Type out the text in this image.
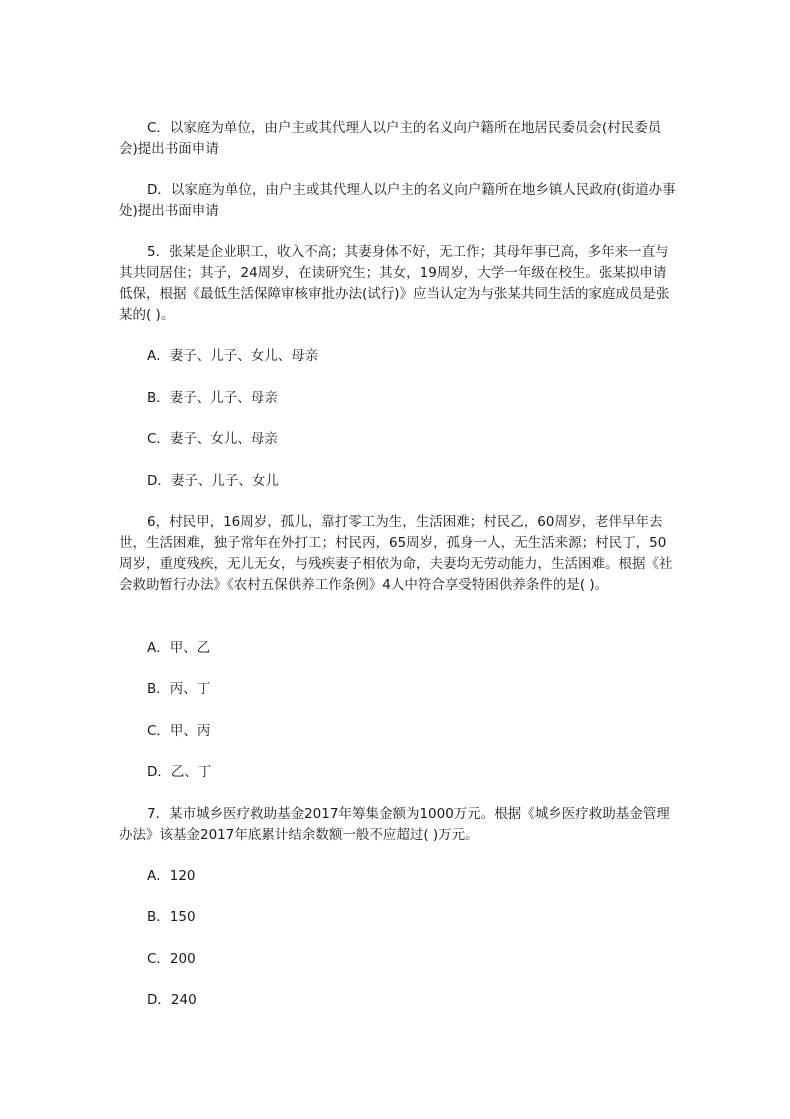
C．以家庭为单位，由户主或其代理人以户主的名义向户籍所在地居民委员会(村民委员会)提出书面申请

D．以家庭为单位，由户主或其代理人以户主的名义向户籍所在地乡镇人民政府(街道办事处)提出书面申请

5．张某是企业职工，收入不高；其妻身体不好，无工作；其母年事已高，多年来一直与其共同居住；其子，24周岁，在读研究生；其女，19周岁，大学一年级在校生。张某拟申请低保，根据《最低生活保障审核审批办法(试行)》应当认定为与张某共同生活的家庭成员是张某的( )。

A．妻子、儿子、女儿、母亲

B．妻子、儿子、母亲

C．妻子、女儿、母亲

D．妻子、儿子、女儿

6，村民甲，16周岁，孤儿，靠打零工为生，生活困难；村民乙，60周岁，老伴早年去世，生活困难，独子常年在外打工；村民丙，65周岁，孤身一人，无生活来源；村民丁，50周岁，重度残疾，无儿无女，与残疾妻子相依为命，夫妻均无劳动能力，生活困难。根据《社会救助暂行办法》《农村五保供养工作条例》4人中符合享受特困供养条件的是( )。

A．甲、乙

B．丙、丁

C．甲、丙

D．乙、丁

7．某市城乡医疗救助基金2017年筹集金额为1000万元。根据《城乡医疗救助基金管理办法》该基金2017年底累计结余数额一般不应超过( )万元。

A．120

B．150

C．200

D．240
